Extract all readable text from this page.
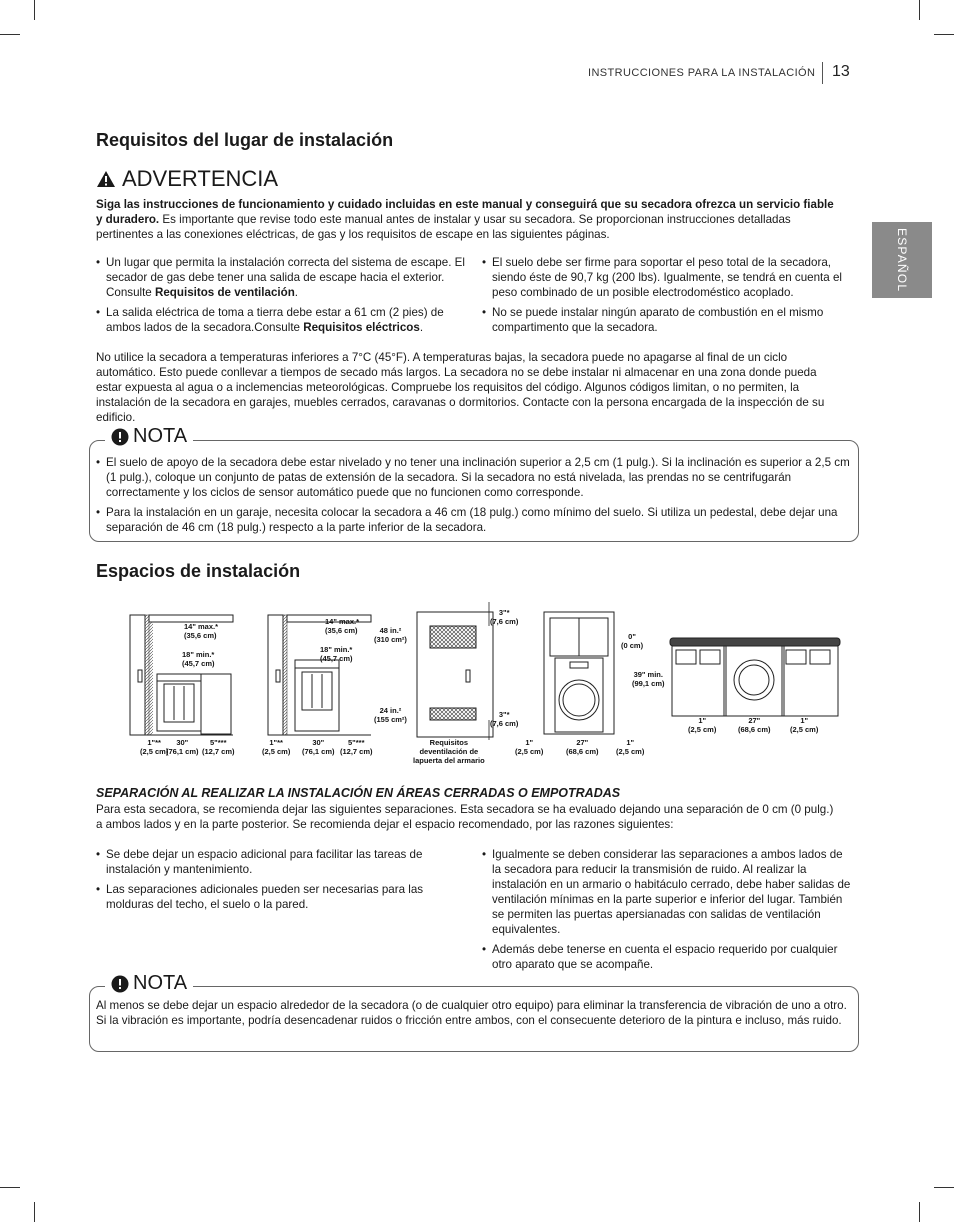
INSTRUCCIONES PARA LA INSTALACIÓN 13
ESPAÑOL
Requisitos del lugar de instalación
ADVERTENCIA

Siga las instrucciones de funcionamiento y cuidado incluidas en este manual y conseguirá que su secadora ofrezca un servicio fiable y duradero. Es importante que revise todo este manual antes de instalar y usar su secadora. Se proporcionan instrucciones detalladas pertinentes a las conexiones eléctricas, de gas y los requisitos de escape en las siguientes páginas.

• Un lugar que permita la instalación correcta del sistema de escape. El secador de gas debe tener una salida de escape hacia el exterior. Consulte Requisitos de ventilación.
• La salida eléctrica de toma a tierra debe estar a 61 cm (2 pies) de ambos lados de la secadora.Consulte Requisitos eléctricos.
• El suelo debe ser firme para soportar el peso total de la secadora, siendo éste de 90,7 kg (200 lbs). Igualmente, se tendrá en cuenta el peso combinado de un posible electrodoméstico acoplado.
• No se puede instalar ningún aparato de combustión en el mismo compartimento que la secadora.

No utilice la secadora a temperaturas inferiores a 7°C (45°F). A temperaturas bajas, la secadora puede no apagarse al final de un ciclo automático. Esto puede conllevar a tiempos de secado más largos. La secadora no se debe instalar ni almacenar en una zona donde pueda estar expuesta al agua o a inclemencias meteorológicas. Compruebe los requisitos del código. Algunos códigos limitan, o no permiten, la instalación de la secadora en garajes, muebles cerrados, caravanas o dormitorios. Contacte con la persona encargada de la inspección de su edificio.

NOTA
• El suelo de apoyo de la secadora debe estar nivelado y no tener una inclinación superior a 2,5 cm (1 pulg.). Si la inclinación es superior a 2,5 cm (1 pulg.), coloque un conjunto de patas de extensión de la secadora. Si la secadora no está nivelada, las prendas no se centrifugarán correctamente y los ciclos de sensor automático puede que no funcionen como corresponde.
• Para la instalación en un garaje, necesita colocar la secadora a 46 cm (18 pulg.) como mínimo del suelo. Si utiliza un pedestal, debe dejar una separación de 46 cm (18 pulg.) respecto a la parte inferior de la secadora.
Espacios de instalación
14" max.*
(35,6 cm)
18" min.*
(45,7 cm)
1"**
(2,5 cm)
30"
(76,1 cm)
5"***
(12,7 cm)
14" max.*
(35,6 cm)
18" min.*
(45,7 cm)
1"**
(2,5 cm)
30"
(76,1 cm)
5"***
(12,7 cm)
48 in.²
(310 cm²)
24 in.²
(155 cm²)
3"*
(7,6 cm)
3"*
(7,6 cm)
Requisitos
deventilación de
lapuerta del armario
1"
(2,5 cm)
27"
(68,6 cm)
1"
(2,5 cm)
0"
(0 cm)
39" min.
(99,1 cm)
1"
(2,5 cm)
27"
(68,6 cm)
1"
(2,5 cm)
SEPARACIÓN AL REALIZAR LA INSTALACIÓN EN ÁREAS CERRADAS O EMPOTRADAS

Para esta secadora, se recomienda dejar las siguientes separaciones. Esta secadora se ha evaluado dejando una separación de 0 cm (0 pulg.) a ambos lados y en la parte posterior. Se recomienda dejar el espacio recomendado, por las razones siguientes:

• Se debe dejar un espacio adicional para facilitar las tareas de instalación y mantenimiento.
• Las separaciones adicionales pueden ser necesarias para las molduras del techo, el suelo o la pared.
• Igualmente se deben considerar las separaciones a ambos lados de la secadora para reducir la transmisión de ruido. Al realizar la instalación en un armario o habitáculo cerrado, debe haber salidas de ventilación mínimas en la parte superior e inferior del lugar. También se permiten las puertas apersianadas con salidas de ventilación equivalentes.
• Además debe tenerse en cuenta el espacio requerido por cualquier otro aparato que se acompañe.
NOTA

Al menos se debe dejar un espacio alrededor de la secadora (o de cualquier otro equipo) para eliminar la transferencia de vibración de uno a otro. Si la vibración es importante, podría desencadenar ruidos o fricción entre ambos, con el consecuente deterioro de la pintura e incluso, más ruido.
